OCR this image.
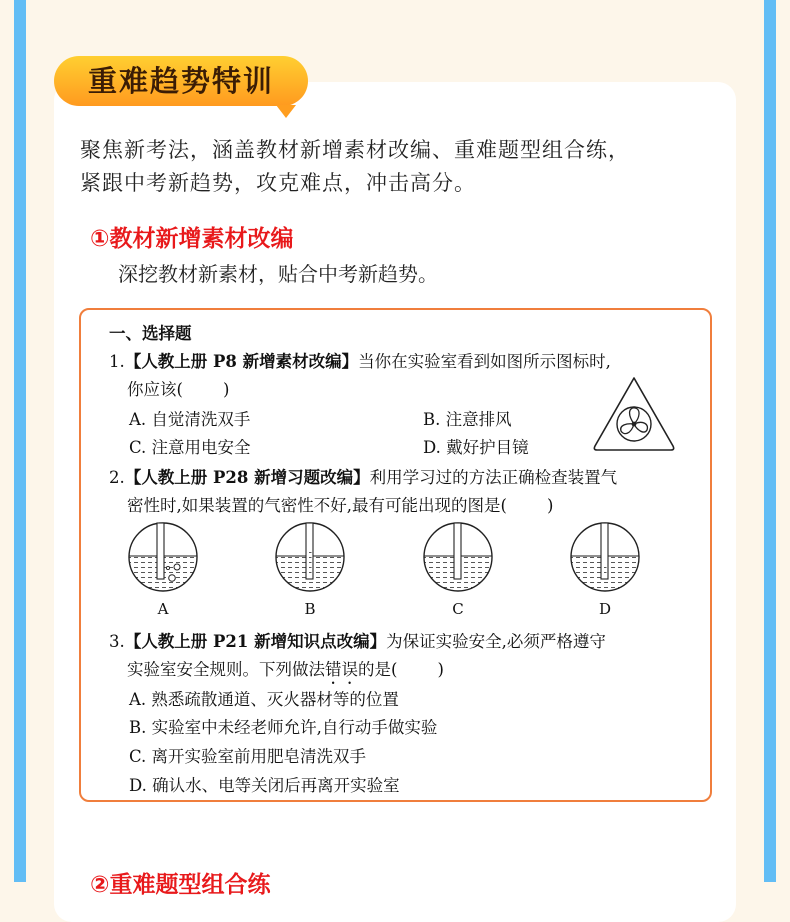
重难趋势特训
聚焦新考法，涵盖教材新增素材改编、重难题型组合练，
紧跟中考新趋势，攻克难点，冲击高分。
①教材新增素材改编
深挖教材新素材，贴合中考新趋势。
一、选择题
1.【人教上册 P8 新增素材改编】当你在实验室看到如图所示图标时,
你应该( )
A. 自觉清洗双手	B. 注意排风
C. 注意用电安全	D. 戴好护目镜
2.【人教上册 P28 新增习题改编】利用学习过的方法正确检查装置气
密性时,如果装置的气密性不好,最有可能出现的图是( )
A	B	C	D
3.【人教上册 P21 新增知识点改编】为保证实验安全,必须严格遵守
实验室安全规则。下列做法错误的是( )
A. 熟悉疏散通道、灭火器材等的位置
B. 实验室中未经老师允许,自行动手做实验
C. 离开实验室前用肥皂清洗双手
D. 确认水、电等关闭后再离开实验室
②重难题型组合练
